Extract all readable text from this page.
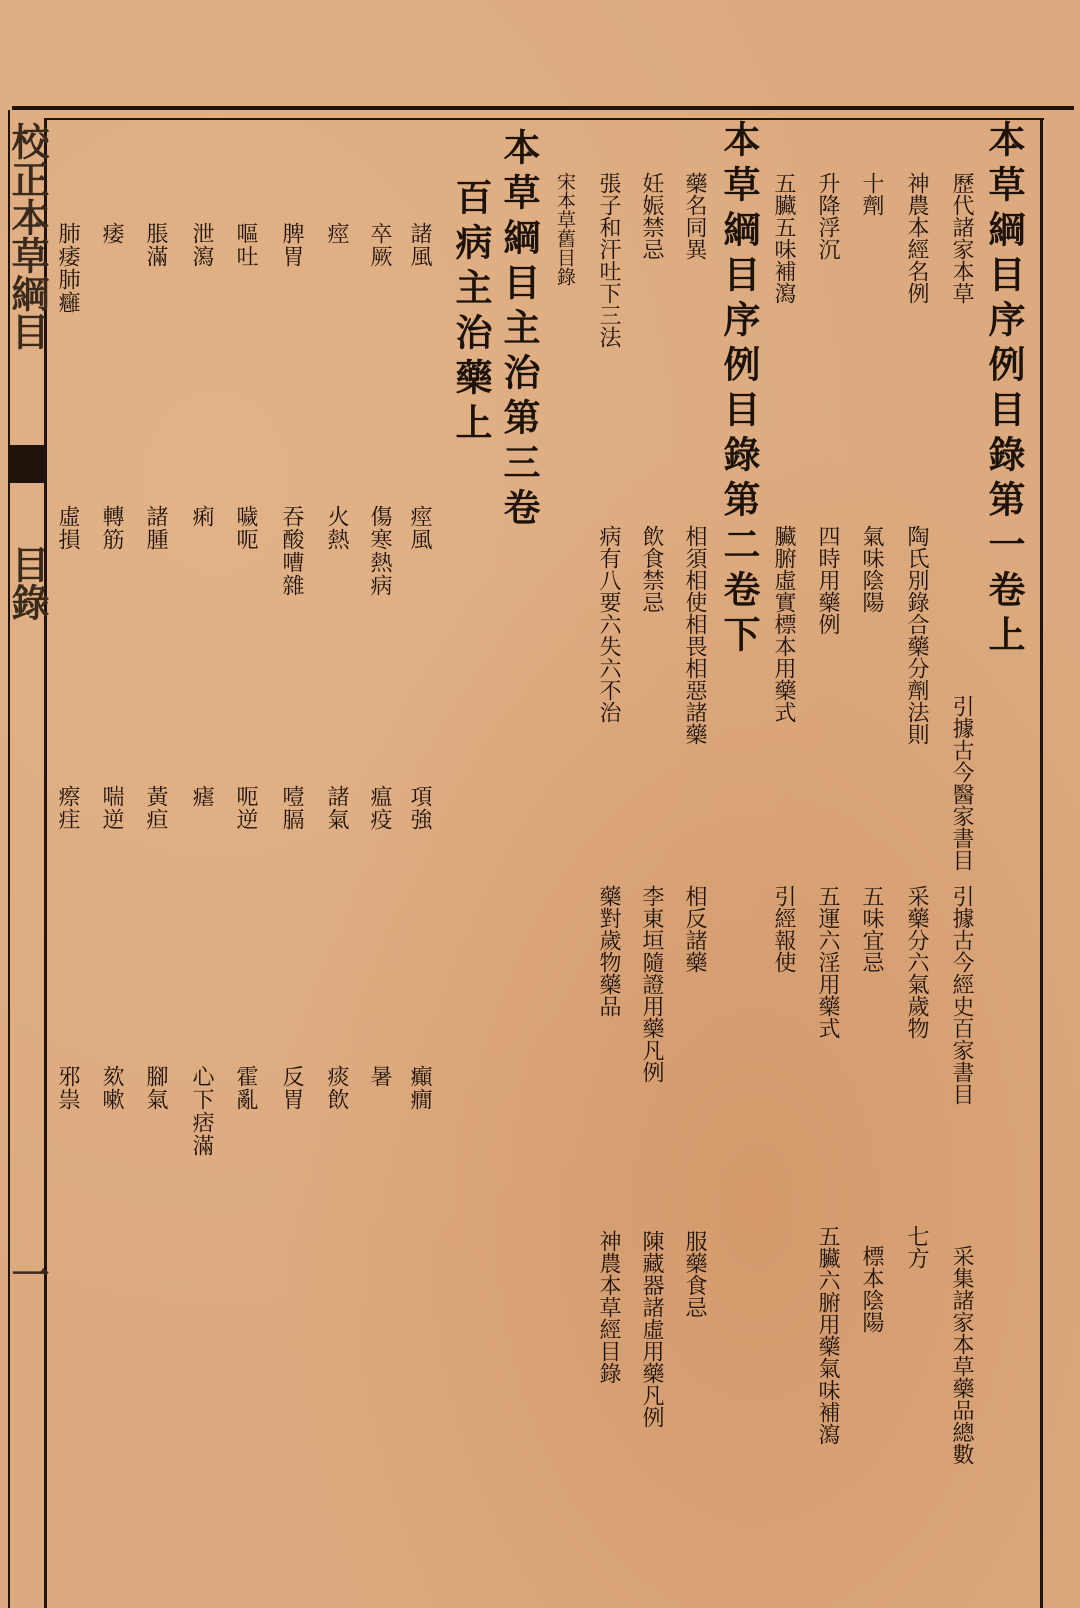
校正本草綱目
目錄
一
本草綱目序例目錄第一卷上
歷代諸家本草
引據古今醫家書目
引據古今經史百家書目
采集諸家本草藥品總數
神農本經名例
陶氏別錄合藥分劑法則
采藥分六氣歲物
七方
十劑
氣味陰陽
五味宜忌
標本陰陽
升降浮沉
四時用藥例
五運六淫用藥式
五臟六腑用藥氣味補瀉
五臟五味補瀉
臟腑虛實標本用藥式
引經報使
本草綱目序例目錄第二卷下
藥名同異
相須相使相畏相惡諸藥
相反諸藥
服藥食忌
妊娠禁忌
飲食禁忌
李東垣隨證用藥凡例
陳藏器諸虛用藥凡例
張子和汗吐下三法
病有八要六失六不治
藥對歲物藥品
神農本草經目錄
宋本草舊目錄
本草綱目主治第三卷
百病主治藥上
諸風
卒厥
痙
脾胃
嘔吐
泄瀉
脹滿
痿
肺痿肺癰
痙風
傷寒熱病
火熱
吞酸嘈雜
噦呃
痢
諸腫
轉筋
虛損
項強
瘟疫
諸氣
噎膈
呃逆
瘧
黃疸
喘逆
瘵疰
癲癇
暑
痰飲
反胃
霍亂
心下痞滿
腳氣
欬嗽
邪祟
